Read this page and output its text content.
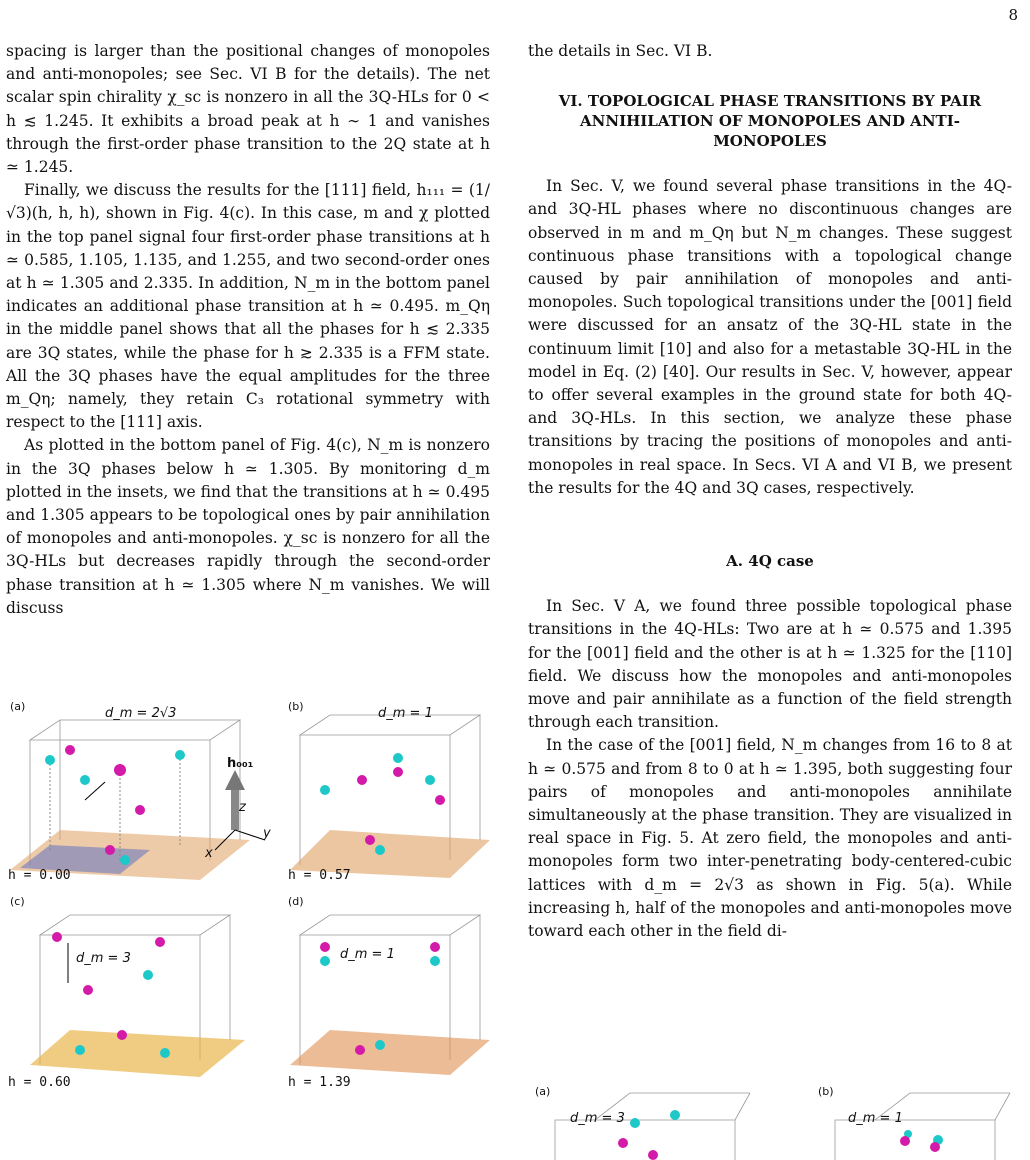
8

spacing is larger than the positional changes of monopoles and anti-monopoles; see Sec. VI B for the details). The net scalar spin chirality χ_sc is nonzero in all the 3Q-HLs for 0 < h ≲ 1.245. It exhibits a broad peak at h ∼ 1 and vanishes through the first-order phase transition to the 2Q state at h ≃ 1.245.

Finally, we discuss the results for the [111] field, h₁₁₁ = (1/√3)(h, h, h), shown in Fig. 4(c). In this case, m and χ plotted in the top panel signal four first-order phase transitions at h ≃ 0.585, 1.105, 1.135, and 1.255, and two second-order ones at h ≃ 1.305 and 2.335. In addition, N_m in the bottom panel indicates an additional phase transition at h ≃ 0.495. m_Qη in the middle panel shows that all the phases for h ≲ 2.335 are 3Q states, while the phase for h ≳ 2.335 is a FFM state. All the 3Q phases have the equal amplitudes for the three m_Qη; namely, they retain C₃ rotational symmetry with respect to the [111] axis.

As plotted in the bottom panel of Fig. 4(c), N_m is nonzero in the 3Q phases below h ≃ 1.305. By monitoring d_m plotted in the insets, we find that the transitions at h ≃ 0.495 and 1.305 appears to be topological ones by pair annihilation of monopoles and anti-monopoles. χ_sc is nonzero for all the 3Q-HLs but decreases rapidly through the second-order phase transition at h ≃ 1.305 where N_m vanishes. We will discuss

the details in Sec. VI B.

VI. TOPOLOGICAL PHASE TRANSITIONS BY PAIR ANNIHILATION OF MONOPOLES AND ANTI-MONOPOLES

In Sec. V, we found several phase transitions in the 4Q- and 3Q-HL phases where no discontinuous changes are observed in m and m_Qη but N_m changes. These suggest continuous phase transitions with a topological change caused by pair annihilation of monopoles and anti-monopoles. Such topological transitions under the [001] field were discussed for an ansatz of the 3Q-HL state in the continuum limit [10] and also for a metastable 3Q-HL in the model in Eq. (2) [40]. Our results in Sec. V, however, appear to offer several examples in the ground state for both 4Q- and 3Q-HLs. In this section, we analyze these phase transitions by tracing the positions of monopoles and anti-monopoles in real space. In Secs. VI A and VI B, we present the results for the 4Q and 3Q cases, respectively.

A. 4Q case

In Sec. V A, we found three possible topological phase transitions in the 4Q-HLs: Two are at h ≃ 0.575 and 1.395 for the [001] field and the other is at h ≃ 1.325 for the [110] field. We discuss how the monopoles and anti-monopoles move and pair annihilate as a function of the field strength through each transition.

In the case of the [001] field, N_m changes from 16 to 8 at h ≃ 0.575 and from 8 to 0 at h ≃ 1.395, both suggesting four pairs of monopoles and anti-monopoles annihilate simultaneously at the phase transition. They are visualized in real space in Fig. 5. At zero field, the monopoles and anti-monopoles form two inter-penetrating body-centered-cubic lattices with d_m = 2√3 as shown in Fig. 5(a). While increasing h, half of the monopoles and anti-monopoles move toward each other in the field di-

(a)	d_m = 2√3
h = 0.00
h₀₀₁
z
x
y
(b)	d_m = 1
h = 0.57
(c)
d_m = 3
h = 0.60
(d)
d_m = 1
h = 1.39
(a)	(b)
d_m = 3	d_m = 1
